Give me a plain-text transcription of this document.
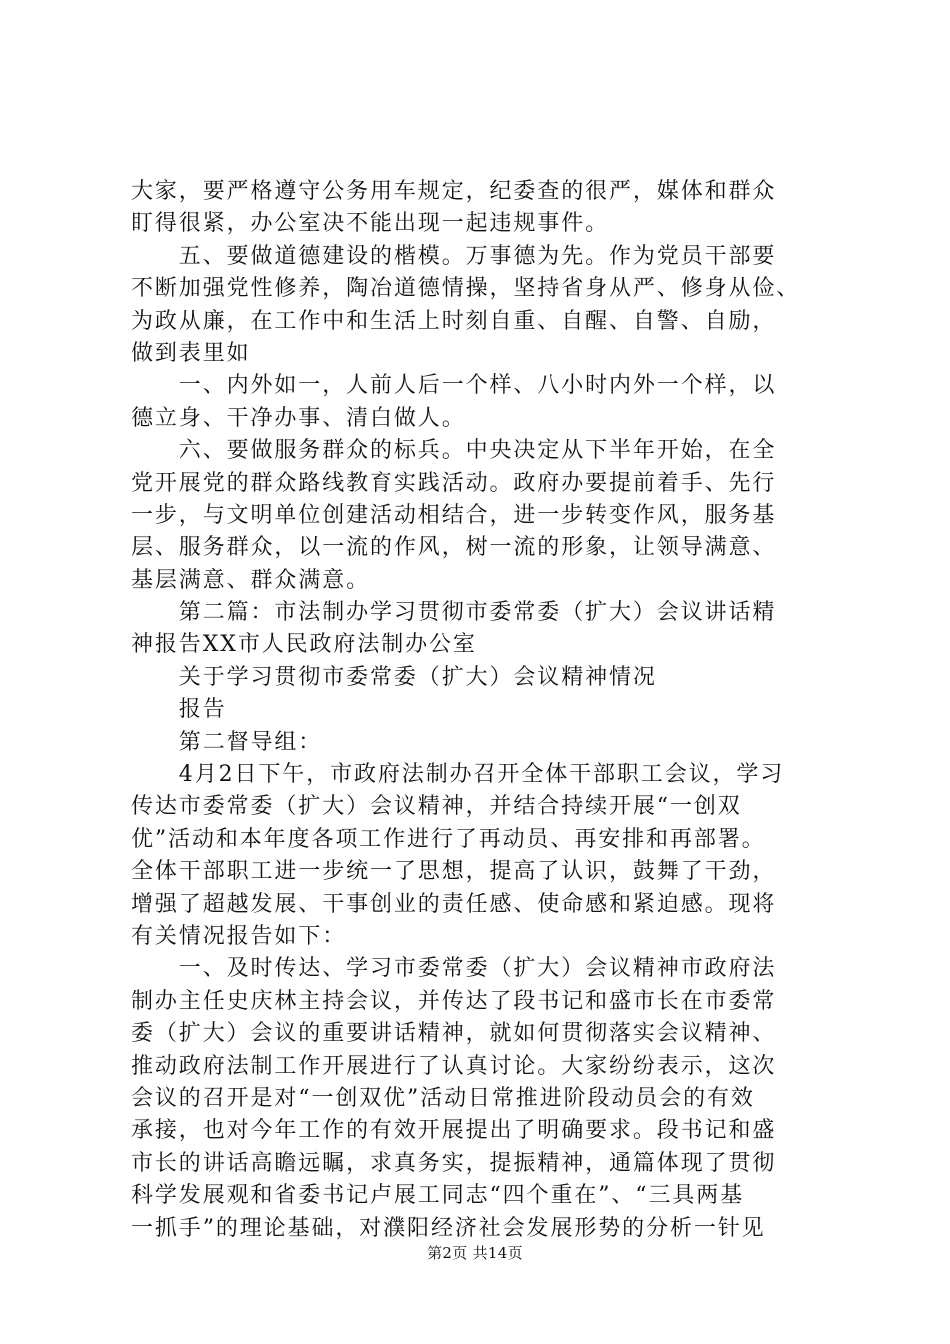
大家，要严格遵守公务用车规定，纪委查的很严，媒体和群众
盯得很紧，办公室决不能出现一起违规事件。
　　五、要做道德建设的楷模。万事德为先。作为党员干部要
不断加强党性修养，陶冶道德情操，坚持省身从严、修身从俭、
为政从廉，在工作中和生活上时刻自重、自醒、自警、自励，
做到表里如
　　一、内外如一，人前人后一个样、八小时内外一个样，以
德立身、干净办事、清白做人。
　　六、要做服务群众的标兵。中央决定从下半年开始，在全
党开展党的群众路线教育实践活动。政府办要提前着手、先行
一步，与文明单位创建活动相结合，进一步转变作风，服务基
层、服务群众，以一流的作风，树一流的形象，让领导满意、
基层满意、群众满意。
　　第二篇：市法制办学习贯彻市委常委（扩大）会议讲话精
神报告XX市人民政府法制办公室
　　关于学习贯彻市委常委（扩大）会议精神情况
　　报告
　　第二督导组：
　　4月2日下午，市政府法制办召开全体干部职工会议，学习
传达市委常委（扩大）会议精神，并结合持续开展“一创双
优”活动和本年度各项工作进行了再动员、再安排和再部署。
全体干部职工进一步统一了思想，提高了认识，鼓舞了干劲，
增强了超越发展、干事创业的责任感、使命感和紧迫感。现将
有关情况报告如下：
　　一、及时传达、学习市委常委（扩大）会议精神市政府法
制办主任史庆林主持会议，并传达了段书记和盛市长在市委常
委（扩大）会议的重要讲话精神，就如何贯彻落实会议精神、
推动政府法制工作开展进行了认真讨论。大家纷纷表示，这次
会议的召开是对“一创双优”活动日常推进阶段动员会的有效
承接，也对今年工作的有效开展提出了明确要求。段书记和盛
市长的讲话高瞻远瞩，求真务实，提振精神，通篇体现了贯彻
科学发展观和省委书记卢展工同志“四个重在”、“三具两基
一抓手”的理论基础，对濮阳经济社会发展形势的分析一针见
第2页 共14页
